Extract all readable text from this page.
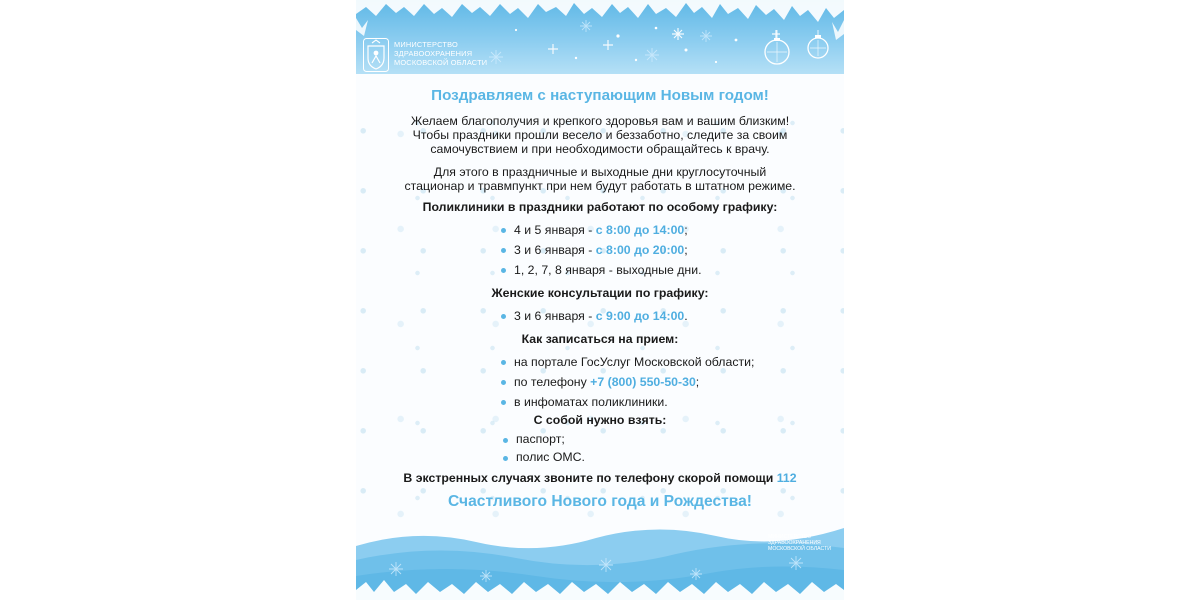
МИНИСТЕРСТВО
ЗДРАВООХРАНЕНИЯ
МОСКОВСКОЙ ОБЛАСТИ

Поздравляем с наступающим Новым годом!

Желаем благополучия и крепкого здоровья вам и вашим близким!

Чтобы праздники прошли весело и беззаботно, следите за своим

самочувствием и при необходимости обращайтесь к врачу.

Для этого в праздничные и выходные дни круглосуточный

стационар и травмпункт при нем будут работать в штатном режиме.

Поликлиники в праздники работают по особому графику:

4 и 5 января - с 8:00 до 14:00;
3 и 6 января - с 8:00 до 20:00;
1, 2, 7, 8 января - выходные дни.

Женские консультации по графику:

3 и 6 января - с 9:00 до 14:00.

Как записаться на прием:

на портале ГосУслуг Московской области;
по телефону +7 (800) 550-50-30;
в инфоматах поликлиники.

С собой нужно взять:

паспорт;
полис ОМС.

В экстренных случаях звоните по телефону скорой помощи 112

Счастливого Нового года и Рождества!
МИНИСТЕРСТВО
ЗДРАВООХРАНЕНИЯ
МОСКОВСКОЙ ОБЛАСТИ
